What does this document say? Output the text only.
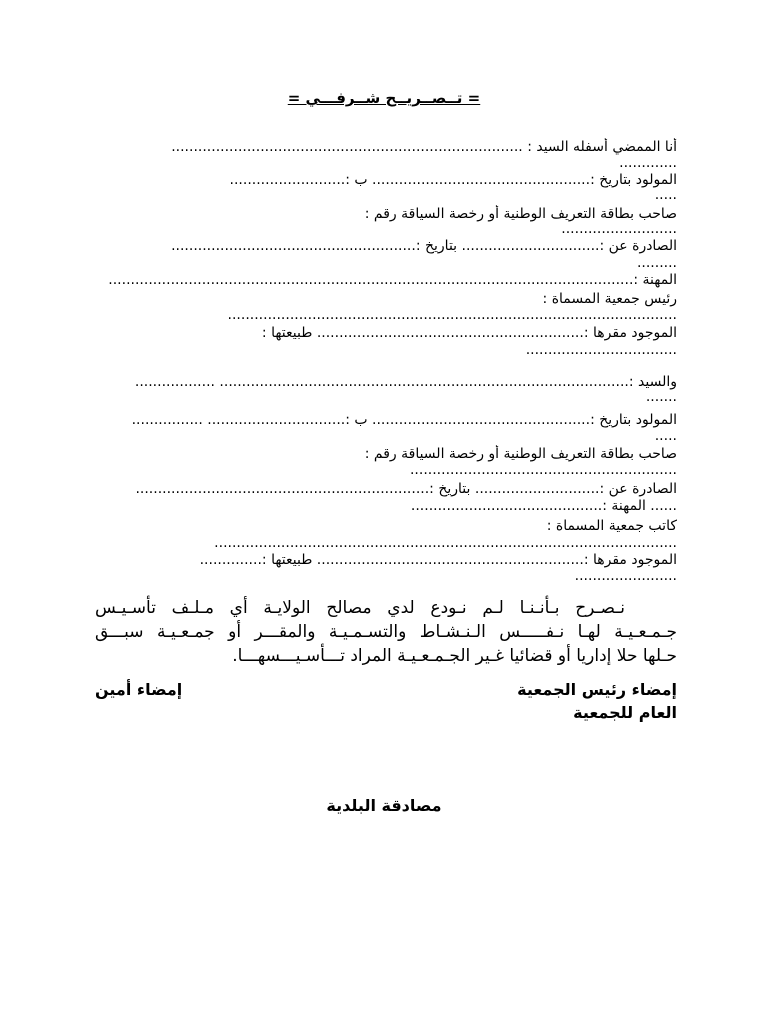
= تــصــريــح شــرفـــي =
أنا الممضي أسفله السيد : ...............................................................................
.............
المولود بتاريخ :................................................. ب :..........................
.....
صاحب بطاقة التعريف الوطنية أو رخصة السياقة رقم :
..........................
الصادرة عن :............................... بتاريخ :.......................................................
.........
المهنة :......................................................................................................................
رئيس جمعية المسماة :
.....................................................................................................
الموجود مقرها :............................................................ طبيعتها :
..................................
والسيد :............................................................................................ ..................
.......
المولود بتاريخ :................................................. ب :............................... ................
.....
صاحب بطاقة التعريف الوطنية أو رخصة السياقة رقم :
............................................................
الصادرة عن :............................ بتاريخ :..................................................................
...... المهنة :...........................................
كاتب جمعية المسماة :
........................................................................................................
الموجود مقرها :............................................................ طبيعتها :..............
.......................
نـصـرح بـأنـنـا لـم نـودع لدي مصالح الولايـة أي مـلـف تأسـيـس
جـمـعـيـة لهـا نـفـــــس الـنـشـاط والتسـمـيـة والمقـــر أو جمـعـيـة سبـــق
حـلها حلا إداريا أو قضائيا غـير الجـمـعـيـة المراد تـــأسـيـــسهـــا.
إمضاء رئيس الجمعية
إمضاء أمين
العام للجمعية
مصادقة البلدية
